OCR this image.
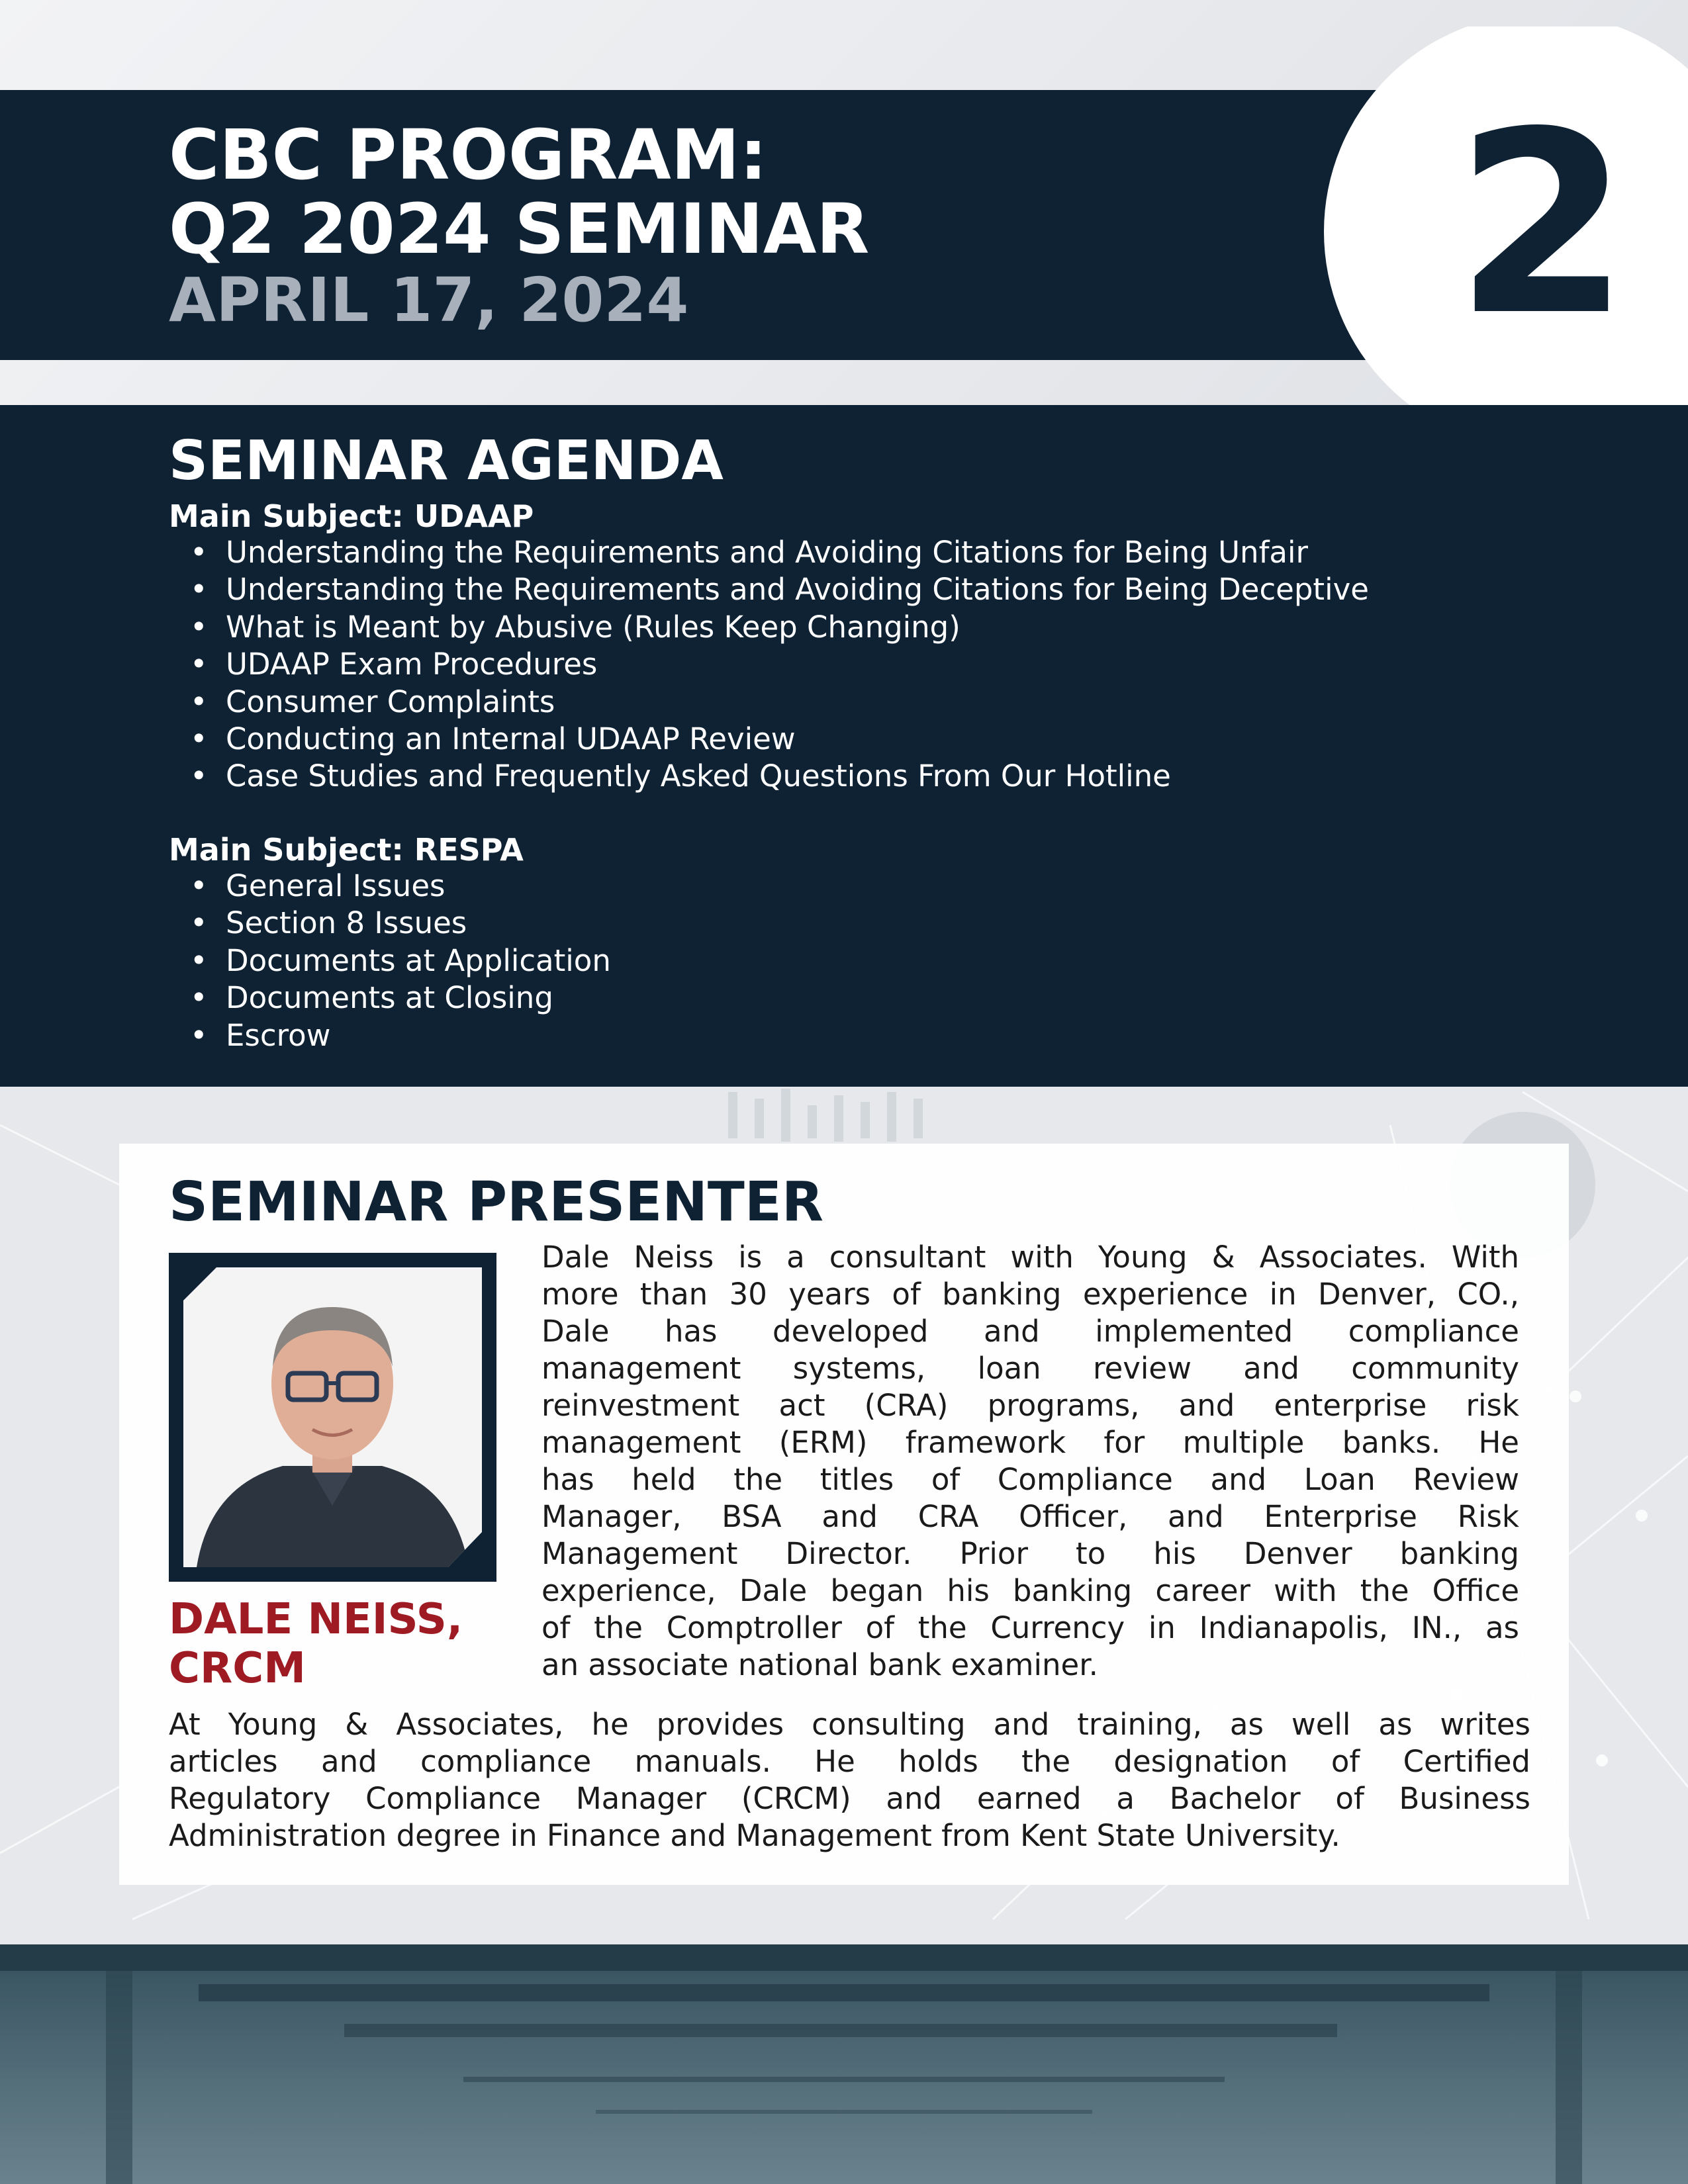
CBC PROGRAM:
Q2 2024 SEMINAR
APRIL 17, 2024	2
SEMINAR AGENDA
Main Subject: UDAAP
• Understanding the Requirements and Avoiding Citations for Being Unfair
• Understanding the Requirements and Avoiding Citations for Being Deceptive
• What is Meant by Abusive (Rules Keep Changing)
• UDAAP Exam Procedures
• Consumer Complaints
• Conducting an Internal UDAAP Review
• Case Studies and Frequently Asked Questions From Our Hotline
Main Subject: RESPA
• General Issues
• Section 8 Issues
• Documents at Application
• Documents at Closing
• Escrow
SEMINAR PRESENTER
DALE NEISS,
CRCM
Dale Neiss is a consultant with Young & Associates. With
more than 30 years of banking experience in Denver, CO.,
Dale has developed and implemented compliance
management systems, loan review and community
reinvestment act (CRA) programs, and enterprise risk
management (ERM) framework for multiple banks. He
has held the titles of Compliance and Loan Review
Manager, BSA and CRA Officer, and Enterprise Risk
Management Director. Prior to his Denver banking
experience, Dale began his banking career with the Office
of the Comptroller of the Currency in Indianapolis, IN., as
an associate national bank examiner.
At Young & Associates, he provides consulting and training, as well as writes
articles and compliance manuals. He holds the designation of Certified
Regulatory Compliance Manager (CRCM) and earned a Bachelor of Business
Administration degree in Finance and Management from Kent State University.
